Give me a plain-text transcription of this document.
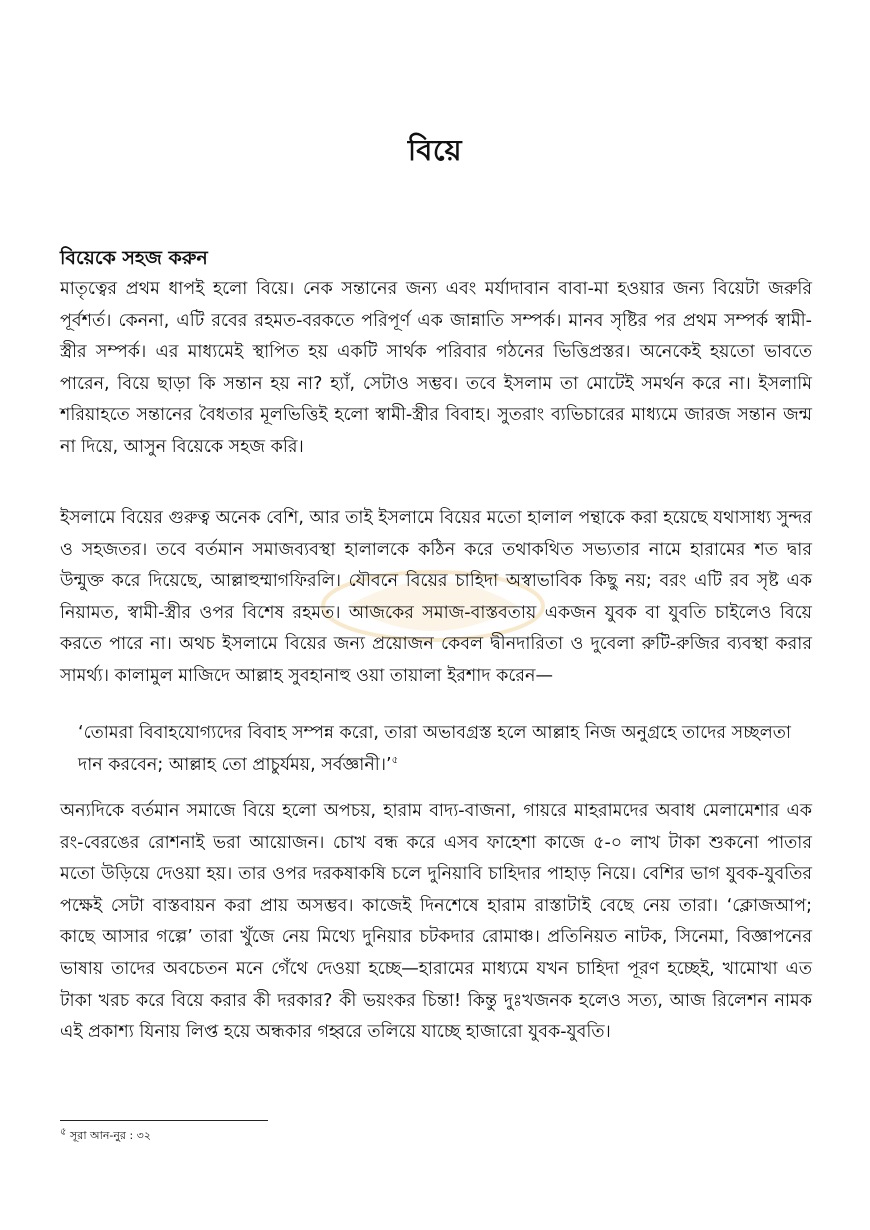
বিয়ে
বিয়েকে সহজ করুন

মাতৃত্বের প্রথম ধাপই হলো বিয়ে। নেক সন্তানের জন্য এবং মর্যাদাবান বাবা-মা হওয়ার জন্য বিয়েটা জরুরি পূর্বশর্ত। কেননা, এটি রবের রহমত-বরকতে পরিপূর্ণ এক জান্নাতি সম্পর্ক। মানব সৃষ্টির পর প্রথম সম্পর্ক স্বামী-স্ত্রীর সম্পর্ক। এর মাধ্যমেই স্থাপিত হয় একটি সার্থক পরিবার গঠনের ভিত্তিপ্রস্তর। অনেকেই হয়তো ভাবতে পারেন, বিয়ে ছাড়া কি সন্তান হয় না? হ্যাঁ, সেটাও সম্ভব। তবে ইসলাম তা মোটেই সমর্থন করে না। ইসলামি শরিয়াহতে সন্তানের বৈধতার মূলভিত্তিই হলো স্বামী-স্ত্রীর বিবাহ। সুতরাং ব্যভিচারের মাধ্যমে জারজ সন্তান জন্ম না দিয়ে, আসুন বিয়েকে সহজ করি।

ইসলামে বিয়ের গুরুত্ব অনেক বেশি, আর তাই ইসলামে বিয়ের মতো হালাল পন্থাকে করা হয়েছে যথাসাধ্য সুন্দর ও সহজতর। তবে বর্তমান সমাজব্যবস্থা হালালকে কঠিন করে তথাকথিত সভ্যতার নামে হারামের শত দ্বার উন্মুক্ত করে দিয়েছে, আল্লাহুম্মাগফিরলি। যৌবনে বিয়ের চাহিদা অস্বাভাবিক কিছু নয়; বরং এটি রব সৃষ্ট এক নিয়ামত, স্বামী-স্ত্রীর ওপর বিশেষ রহমত। আজকের সমাজ-বাস্তবতায় একজন যুবক বা যুবতি চাইলেও বিয়ে করতে পারে না। অথচ ইসলামে বিয়ের জন্য প্রয়োজন কেবল দ্বীনদারিতা ও দুবেলা রুটি-রুজির ব্যবস্থা করার সামর্থ্য। কালামুল মাজিদে আল্লাহ সুবহানাহু ওয়া তায়ালা ইরশাদ করেন—

‘তোমরা বিবাহযোগ্যদের বিবাহ সম্পন্ন করো, তারা অভাবগ্রস্ত হলে আল্লাহ নিজ অনুগ্রহে তাদের সচ্ছলতা দান করবেন; আল্লাহ তো প্রাচুর্যময়, সর্বজ্ঞানী।’$^৫$

অন্যদিকে বর্তমান সমাজে বিয়ে হলো অপচয়, হারাম বাদ্য-বাজনা, গায়রে মাহরামদের অবাধ মেলামেশার এক রং-বেরঙের রোশনাই ভরা আয়োজন। চোখ বন্ধ করে এসব ফাহেশা কাজে ৫-০ লাখ টাকা শুকনো পাতার মতো উড়িয়ে দেওয়া হয়। তার ওপর দরকষাকষি চলে দুনিয়াবি চাহিদার পাহাড় নিয়ে। বেশির ভাগ যুবক-যুবতির পক্ষেই সেটা বাস্তবায়ন করা প্রায় অসম্ভব। কাজেই দিনশেষে হারাম রাস্তাটাই বেছে নেয় তারা। ‘ক্লোজআপ; কাছে আসার গল্পে’ তারা খুঁজে নেয় মিথ্যে দুনিয়ার চটকদার রোমাঞ্চ। প্রতিনিয়ত নাটক, সিনেমা, বিজ্ঞাপনের ভাষায় তাদের অবচেতন মনে গেঁথে দেওয়া হচ্ছে—হারামের মাধ্যমে যখন চাহিদা পূরণ হচ্ছেই, খামোখা এত টাকা খরচ করে বিয়ে করার কী দরকার? কী ভয়ংকর চিন্তা! কিন্তু দুঃখজনক হলেও সত্য, আজ রিলেশন নামক এই প্রকাশ্য যিনায় লিপ্ত হয়ে অন্ধকার গহ্বরে তলিয়ে যাচ্ছে হাজারো যুবক-যুবতি।

৫ সূরা আন-নুর : ৩২
